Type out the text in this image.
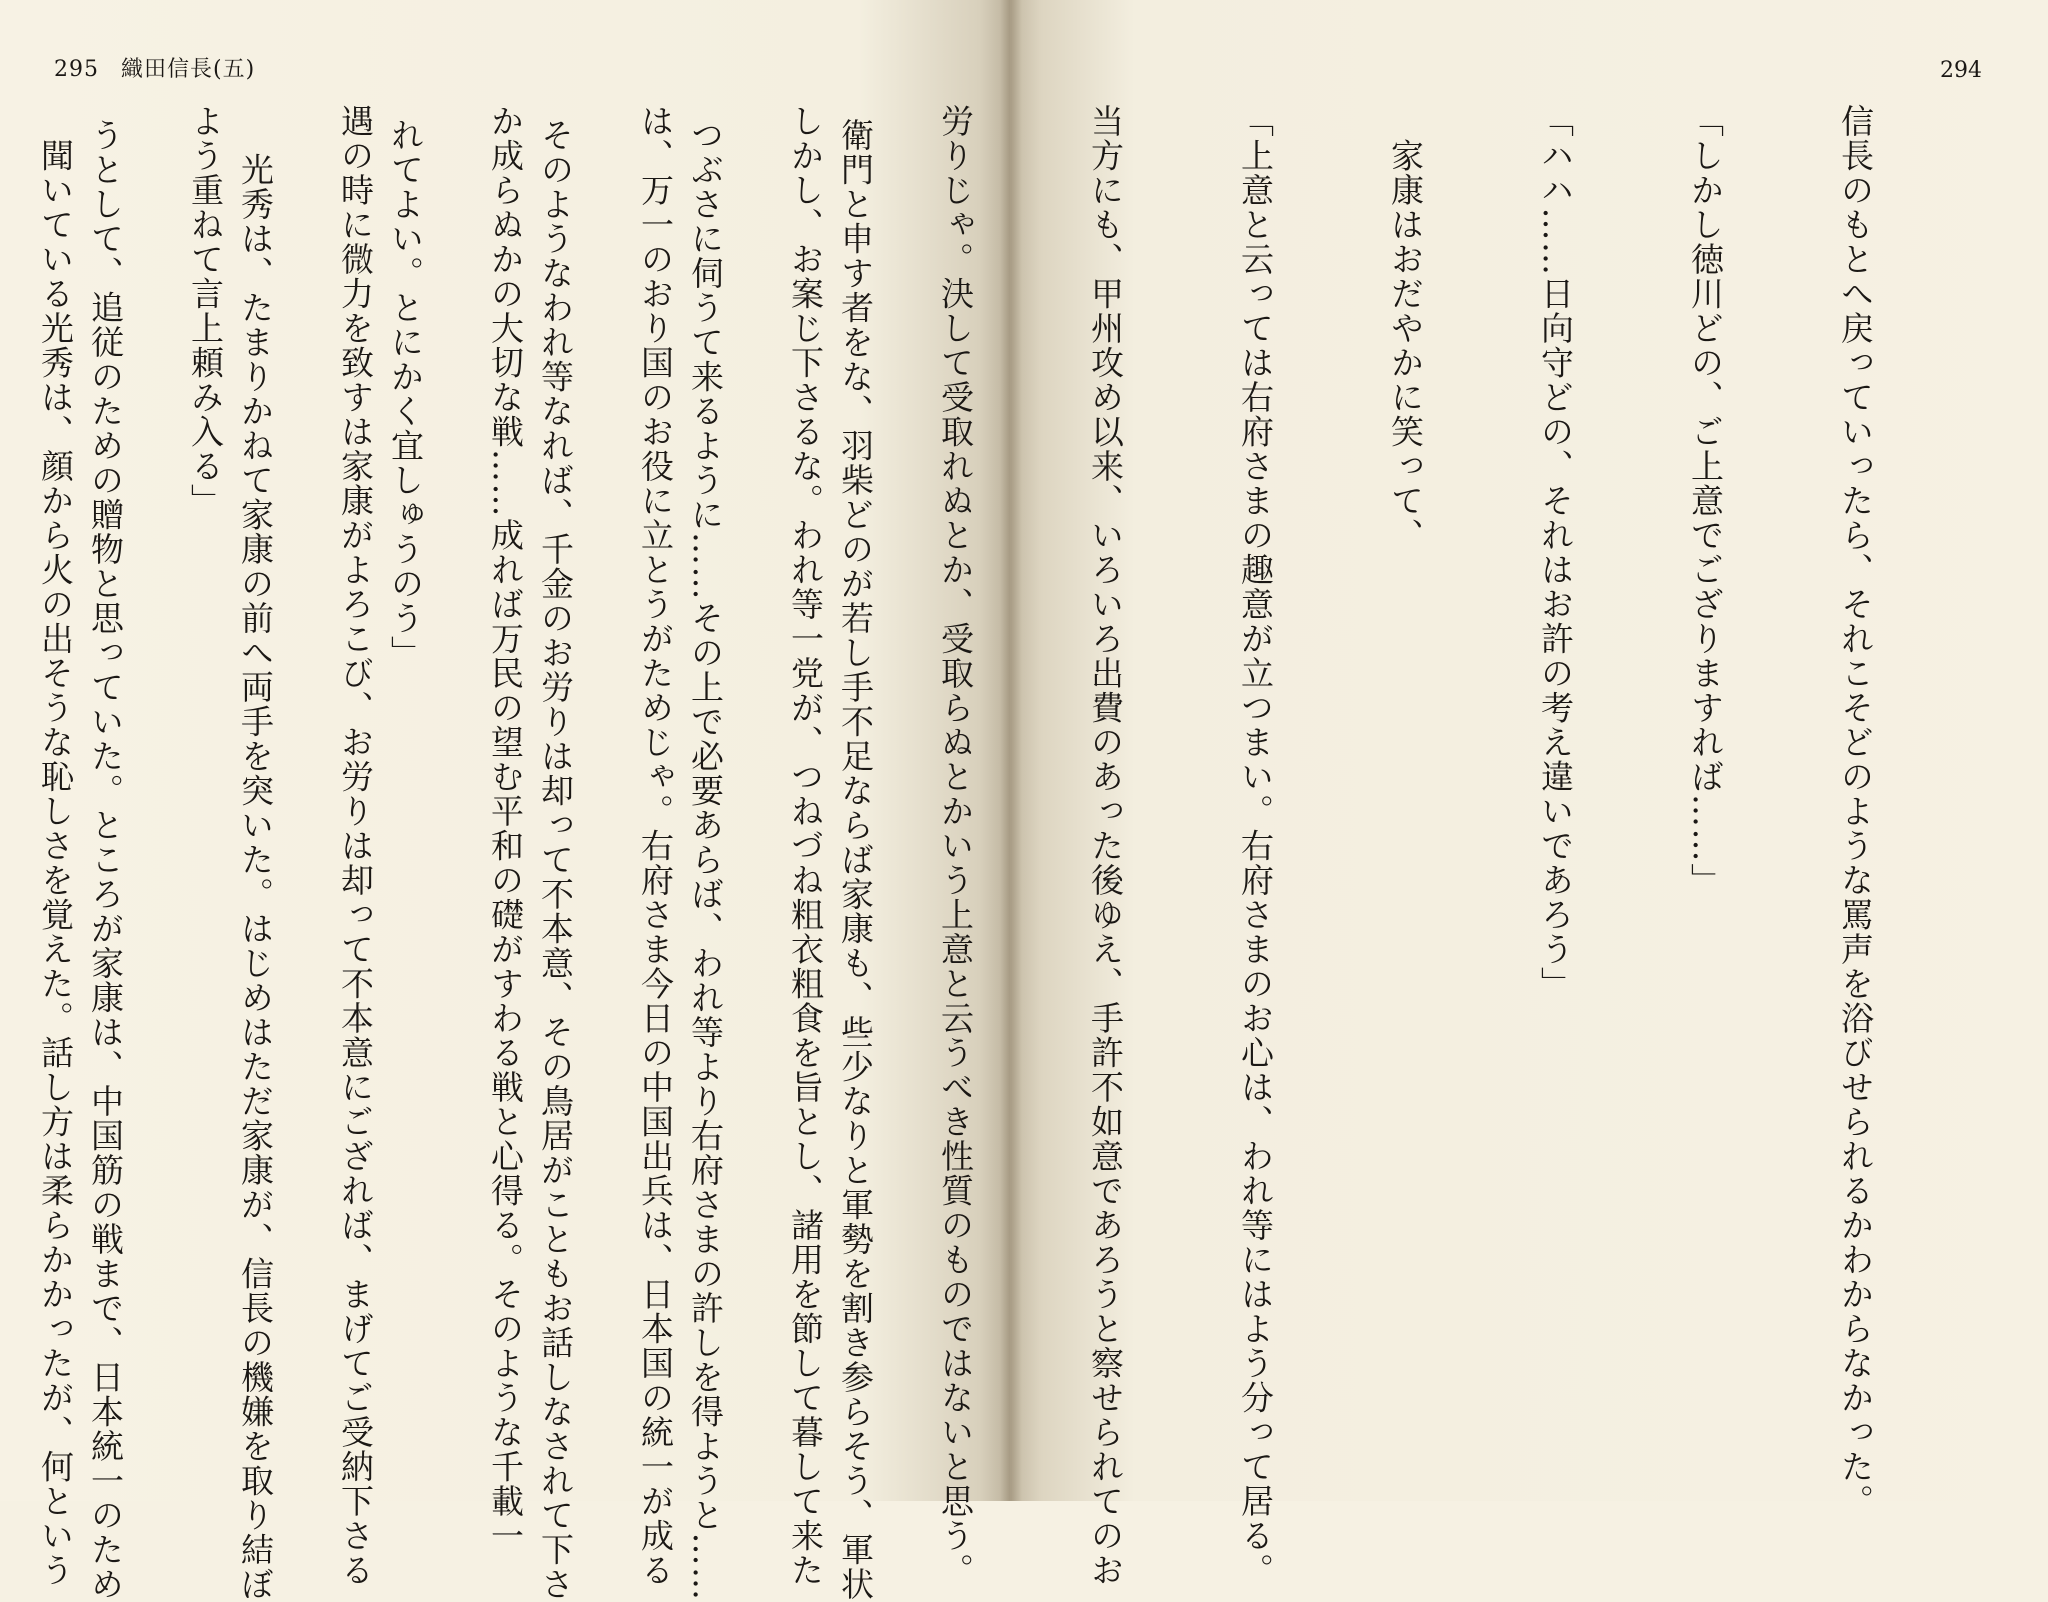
295 織田信長(五)

衛門と申す者をな、羽柴どのが若し手不足ならば家康も、些少なりと軍勢を割き参らそう、軍状

つぶさに伺うて来るように……その上で必要あらば、われ等より右府さまの許しを得ようと……

そのようなわれ等なれば、千金のお労りは却って不本意、その鳥居がこともお話しなされて下さ

れてよい。とにかく宜しゅうのう」

　光秀は、たまりかねて家康の前へ両手を突いた。はじめはただ家康が、信長の機嫌を取り結ぼ

うとして、追従のための贈物と思っていた。ところが家康は、中国筋の戦まで、日本統一のため

294

信長のもとへ戻っていったら、それこそどのような罵声を浴びせられるかわからなかった。

「しかし徳川どの、ご上意でござりますれば……」

「ハハ……日向守どの、それはお許の考え違いであろう」

　家康はおだやかに笑って、

「上意と云っては右府さまの趣意が立つまい。右府さまのお心は、われ等にはよう分って居る。

当方にも、甲州攻め以来、いろいろ出費のあった後ゆえ、手許不如意であろうと察せられてのお

労りじゃ。決して受取れぬとか、受取らぬとかいう上意と云うべき性質のものではないと思う。

しかし、お案じ下さるな。われ等一党が、つねづね粗衣粗食を旨とし、諸用を節して暮して来た

は、万一のおり国のお役に立とうがためじゃ。右府さま今日の中国出兵は、日本国の統一が成る

か成らぬかの大切な戦……成れば万民の望む平和の礎がすわる戦と心得る。そのような千載一

遇の時に微力を致すは家康がよろこび、お労りは却って不本意にござれば、まげてご受納下さる

よう重ねて言上頼み入る」

　聞いている光秀は、顔から火の出そうな恥しさを覚えた。話し方は柔らかかったが、何という
